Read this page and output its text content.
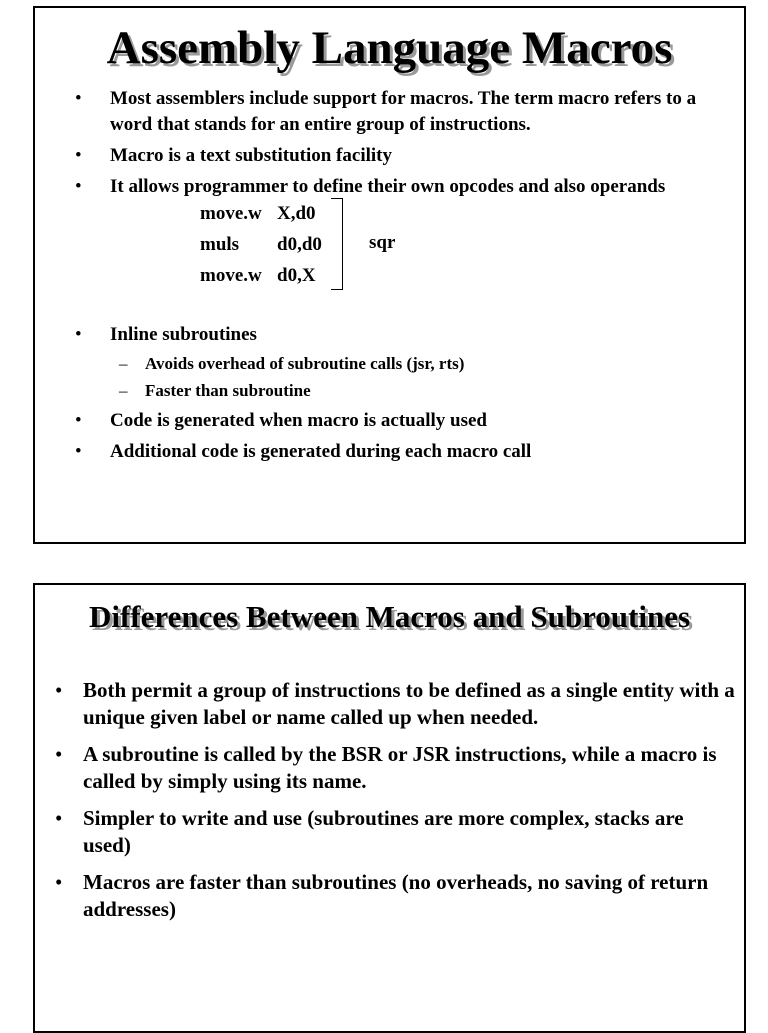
Assembly Language Macros
• Most assemblers include support for macros. The term macro refers to a word that stands for an entire group of instructions.
• Macro is a text substitution facility
• It allows programmer to define their own opcodes and also operands
move.w X,d0
muls d0,d0
move.w d0,X
sqr
• Inline subroutines
– Avoids overhead of subroutine calls (jsr, rts)
– Faster than subroutine
• Code is generated when macro is actually used
• Additional code is generated during each macro call
Differences Between Macros and Subroutines
• Both permit a group of instructions to be defined as a single entity with a unique given label or name called up when needed.
• A subroutine is called by the BSR or JSR instructions, while a macro is called by simply using its name.
• Simpler to write and use (subroutines are more complex, stacks are used)
• Macros are faster than subroutines (no overheads, no saving of return addresses)
